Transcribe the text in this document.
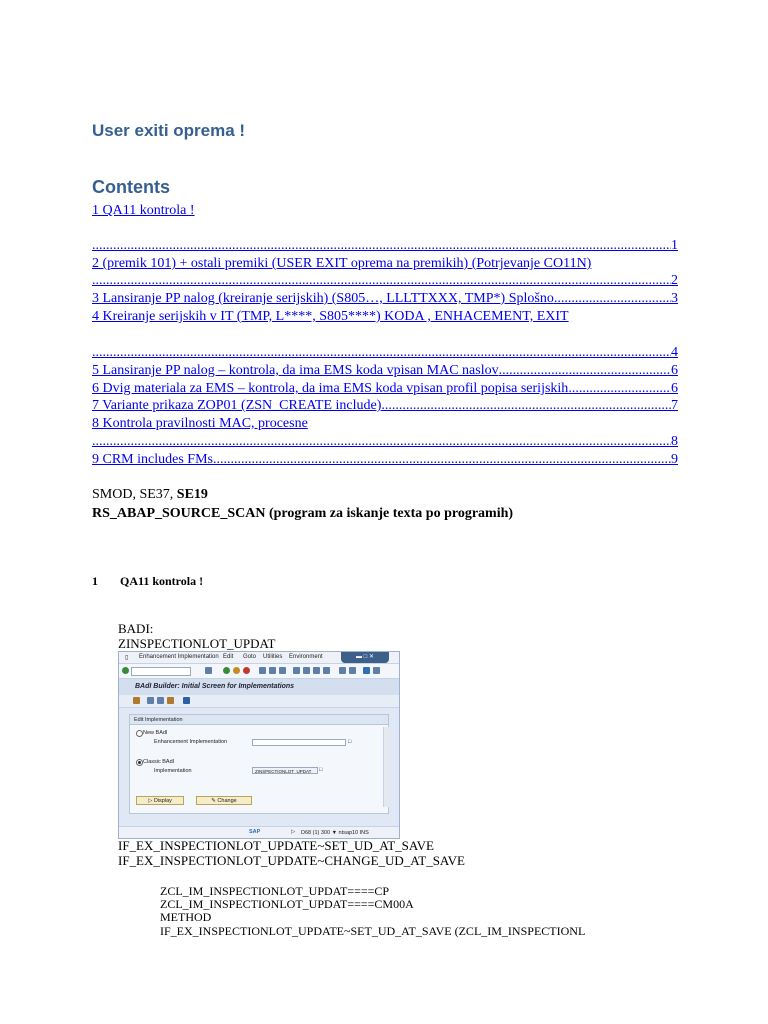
User exiti oprema !
Contents
1 QA11 kontrola !
.....
1
2 (premik 101) + ostali premiki (USER EXIT oprema na premikih) (Potrjevanje CO11N)
.....
2
3 Lansiranje PP nalog (kreiranje serijskih) (S805…, LLLTTXXX, TMP*) Splošno .....	3
4 Kreiranje serijskih v IT (TMP, L****, S805****) KODA , ENHACEMENT, EXIT
.....
4
5 Lansiranje PP nalog – kontrola, da ima EMS koda vpisan MAC naslov .....	6
6 Dvig materiala za EMS – kontrola, da ima EMS koda vpisan profil popisa serijskih .....	6
7 Variante prikaza ZOP01 (ZSN_CREATE include) .....	7
8 Kontrola pravilnosti MAC, procesne
.....
8
9 CRM includes FMs .....	9
SMOD, SE37, SE19
RS_ABAP_SOURCE_SCAN (program za iskanje texta po programih)
1 QA11 kontrola !
BADI:
ZINSPECTIONLOT_UPDAT
▯ Enhancement Implementation Edit Goto Utilities Environment	▬ □ ✕
BAdI Builder: Initial Screen for Implementations
Edit Implementation
New BAdI
Enhancement Implementation	□
Classic BAdI
Implementation	ZINSPECTIONLOT_UPDAT	□
▷ Display	✎ Change
SAP	▷ D68 (1) 300 ▼ ntsap10 INS
IF_EX_INSPECTIONLOT_UPDATE~SET_UD_AT_SAVE
IF_EX_INSPECTIONLOT_UPDATE~CHANGE_UD_AT_SAVE
ZCL_IM_INSPECTIONLOT_UPDAT====CP
ZCL_IM_INSPECTIONLOT_UPDAT====CM00A
METHOD
IF_EX_INSPECTIONLOT_UPDATE~SET_UD_AT_SAVE (ZCL_IM_INSPECTIONL
